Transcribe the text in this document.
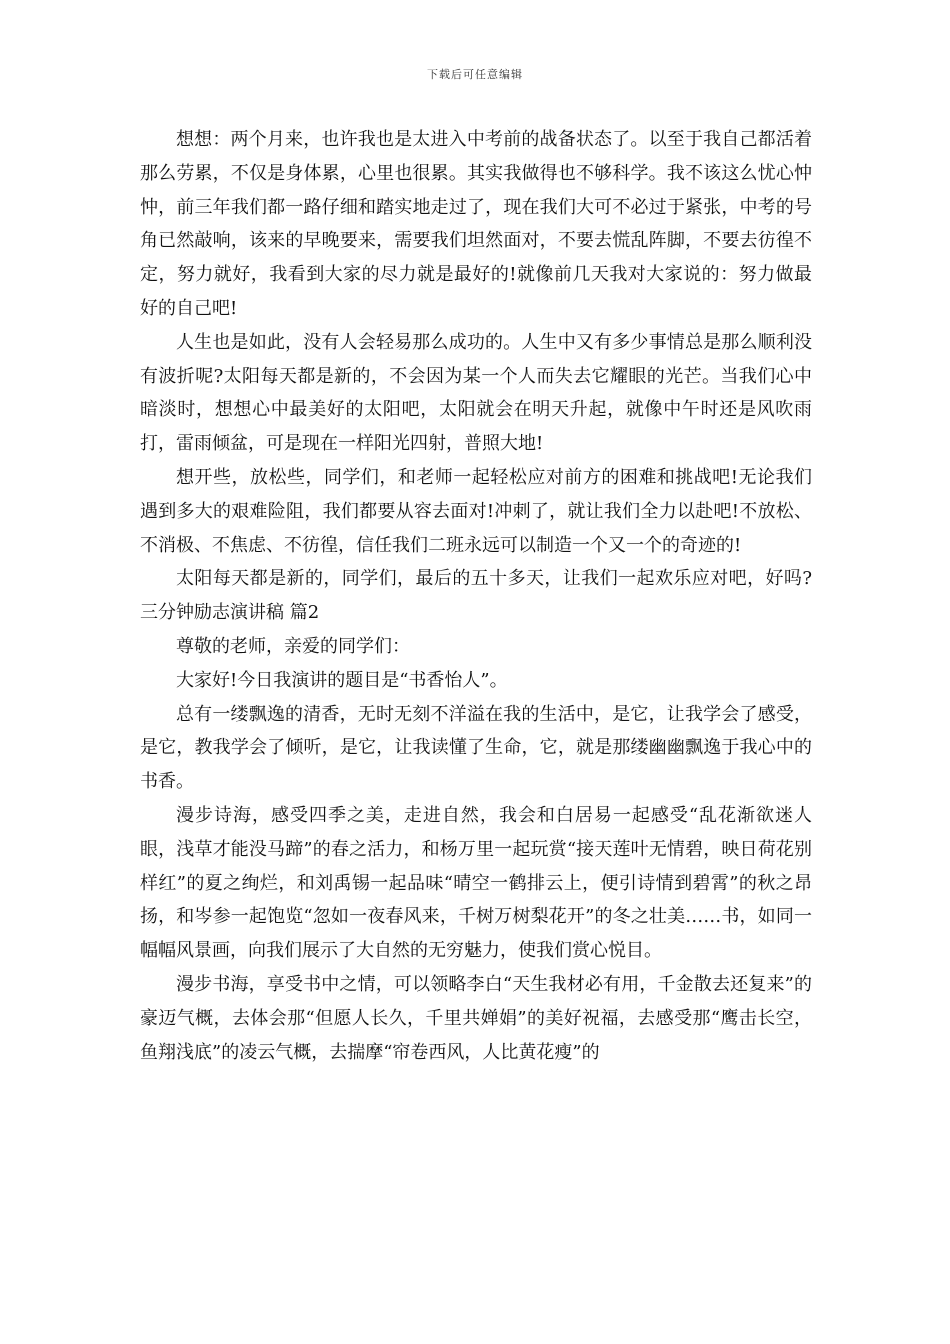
下载后可任意编辑

想想：两个月来，也许我也是太进入中考前的战备状态了。以至于我自己都活着那么劳累，不仅是身体累，心里也很累。其实我做得也不够科学。我不该这么忧心忡忡，前三年我们都一路仔细和踏实地走过了，现在我们大可不必过于紧张，中考的号角已然敲响，该来的早晚要来，需要我们坦然面对，不要去慌乱阵脚，不要去彷徨不定，努力就好，我看到大家的尽力就是最好的!就像前几天我对大家说的：努力做最好的自己吧!

人生也是如此，没有人会轻易那么成功的。人生中又有多少事情总是那么顺利没有波折呢?太阳每天都是新的，不会因为某一个人而失去它耀眼的光芒。当我们心中暗淡时，想想心中最美好的太阳吧，太阳就会在明天升起，就像中午时还是风吹雨打，雷雨倾盆，可是现在一样阳光四射，普照大地!

想开些，放松些，同学们，和老师一起轻松应对前方的困难和挑战吧!无论我们遇到多大的艰难险阻，我们都要从容去面对!冲刺了，就让我们全力以赴吧!不放松、不消极、不焦虑、不彷徨，信任我们二班永远可以制造一个又一个的奇迹的!

太阳每天都是新的，同学们，最后的五十多天，让我们一起欢乐应对吧，好吗?三分钟励志演讲稿 篇2

尊敬的老师，亲爱的同学们：

大家好!今日我演讲的题目是“书香怡人”。

总有一缕飘逸的清香，无时无刻不洋溢在我的生活中，是它，让我学会了感受，是它，教我学会了倾听，是它，让我读懂了生命，它，就是那缕幽幽飘逸于我心中的书香。

漫步诗海，感受四季之美，走进自然，我会和白居易一起感受“乱花渐欲迷人眼，浅草才能没马蹄”的春之活力，和杨万里一起玩赏“接天莲叶无情碧，映日荷花别样红”的夏之绚烂，和刘禹锡一起品味“晴空一鹤排云上，便引诗情到碧霄”的秋之昂扬，和岑参一起饱览“忽如一夜春风来，千树万树梨花开”的冬之壮美……书，如同一幅幅风景画，向我们展示了大自然的无穷魅力，使我们赏心悦目。

漫步书海，享受书中之情，可以领略李白“天生我材必有用，千金散去还复来”的豪迈气概，去体会那“但愿人长久，千里共婵娟”的美好祝福，去感受那“鹰击长空，鱼翔浅底”的凌云气概，去揣摩“帘卷西风，人比黄花瘦”的
